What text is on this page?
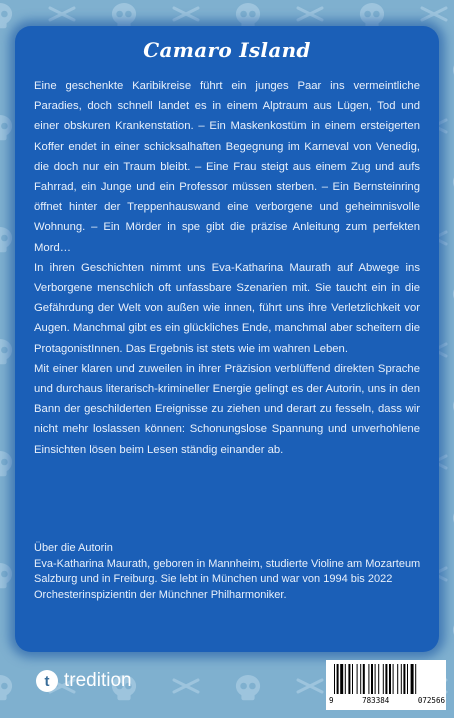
Camaro Island

Eine geschenkte Karibikreise führt ein junges Paar ins vermeintliche Paradies, doch schnell landet es in einem Alptraum aus Lügen, Tod und einer obskuren Krankenstation. – Ein Maskenkostüm in einem ersteigerten Koffer endet in einer schicksalhaften Begegnung im Karneval von Venedig, die doch nur ein Traum bleibt. – Eine Frau steigt aus einem Zug und aufs Fahrrad, ein Junge und ein Professor müssen sterben. – Ein Bernsteinring öffnet hinter der Treppenhauswand eine verborgene und geheimnisvolle Wohnung. – Ein Mörder in spe gibt die präzise Anleitung zum perfekten Mord…

In ihren Geschichten nimmt uns Eva-Katharina Maurath auf Abwege ins Verborgene menschlich oft unfassbare Szenarien mit. Sie taucht ein in die Gefährdung der Welt von außen wie innen, führt uns ihre Verletzlichkeit vor Augen. Manchmal gibt es ein glückliches Ende, manchmal aber scheitern die ProtagonistInnen. Das Ergebnis ist stets wie im wahren Leben.

Mit einer klaren und zuweilen in ihrer Präzision verblüffend direkten Sprache und durchaus literarisch-krimineller Energie gelingt es der Autorin, uns in den Bann der geschilderten Ereignisse zu ziehen und derart zu fesseln, dass wir nicht mehr loslassen können: Schonungslose Spannung und unverhohlene Einsichten lösen beim Lesen ständig einander ab.

Über die Autorin

Eva-Katharina Maurath, geboren in Mannheim, studierte Violine am Mozarteum Salzburg und in Freiburg. Sie lebt in München und war von 1994 bis 2022 Orchesterinspizientin der Münchner Philharmoniker.

t tredition
9	783384	072566
